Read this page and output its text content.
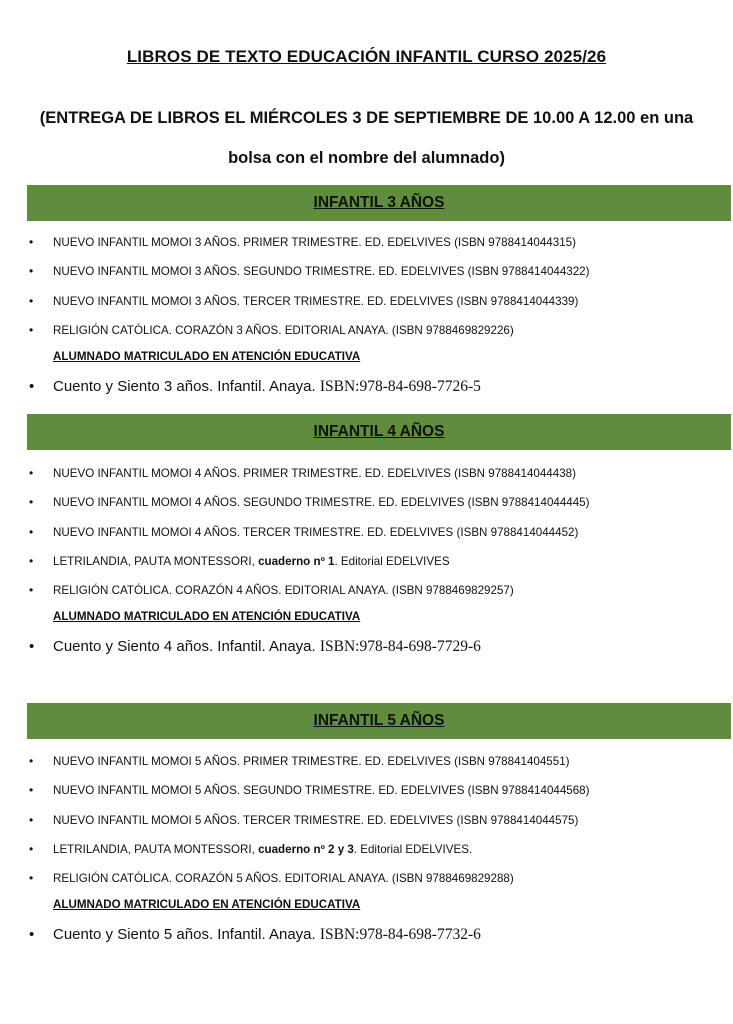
LIBROS DE TEXTO EDUCACIÓN INFANTIL CURSO 2025/26
(ENTREGA DE LIBROS EL MIÉRCOLES 3 DE SEPTIEMBRE DE 10.00 A 12.00 en una bolsa con el nombre del alumnado)
INFANTIL 3 AÑOS
• NUEVO INFANTIL MOMOI 3 AÑOS. PRIMER TRIMESTRE. ED. EDELVIVES (ISBN 9788414044315)
• NUEVO INFANTIL MOMOI 3 AÑOS. SEGUNDO TRIMESTRE. ED. EDELVIVES (ISBN 9788414044322)
• NUEVO INFANTIL MOMOI 3 AÑOS. TERCER TRIMESTRE. ED. EDELVIVES (ISBN 9788414044339)
• RELIGIÓN CATÓLICA. CORAZÓN 3 AÑOS. EDITORIAL ANAYA. (ISBN 9788469829226)
ALUMNADO MATRICULADO EN ATENCIÓN EDUCATIVA
• Cuento y Siento 3 años. Infantil. Anaya. ISBN:978-84-698-7726-5
INFANTIL 4 AÑOS
• NUEVO INFANTIL MOMOI 4 AÑOS. PRIMER TRIMESTRE. ED. EDELVIVES (ISBN 9788414044438)
• NUEVO INFANTIL MOMOI 4 AÑOS. SEGUNDO TRIMESTRE. ED. EDELVIVES (ISBN 9788414044445)
• NUEVO INFANTIL MOMOI 4 AÑOS. TERCER TRIMESTRE. ED. EDELVIVES (ISBN 9788414044452)
• LETRILANDIA, PAUTA MONTESSORI, cuaderno nº 1. Editorial EDELVIVES
• RELIGIÓN CATÓLICA. CORAZÓN 4 AÑOS. EDITORIAL ANAYA. (ISBN 9788469829257)
ALUMNADO MATRICULADO EN ATENCIÓN EDUCATIVA
• Cuento y Siento 4 años. Infantil. Anaya. ISBN:978-84-698-7729-6
INFANTIL 5 AÑOS
• NUEVO INFANTIL MOMOI 5 AÑOS. PRIMER TRIMESTRE. ED. EDELVIVES (ISBN 978841404551)
• NUEVO INFANTIL MOMOI 5 AÑOS. SEGUNDO TRIMESTRE. ED. EDELVIVES (ISBN 9788414044568)
• NUEVO INFANTIL MOMOI 5 AÑOS. TERCER TRIMESTRE. ED. EDELVIVES (ISBN 9788414044575)
• LETRILANDIA, PAUTA MONTESSORI, cuaderno nº 2 y 3. Editorial EDELVIVES.
• RELIGIÓN CATÓLICA. CORAZÓN 5 AÑOS. EDITORIAL ANAYA. (ISBN 9788469829288)
ALUMNADO MATRICULADO EN ATENCIÓN EDUCATIVA
• Cuento y Siento 5 años. Infantil. Anaya. ISBN:978-84-698-7732-6
